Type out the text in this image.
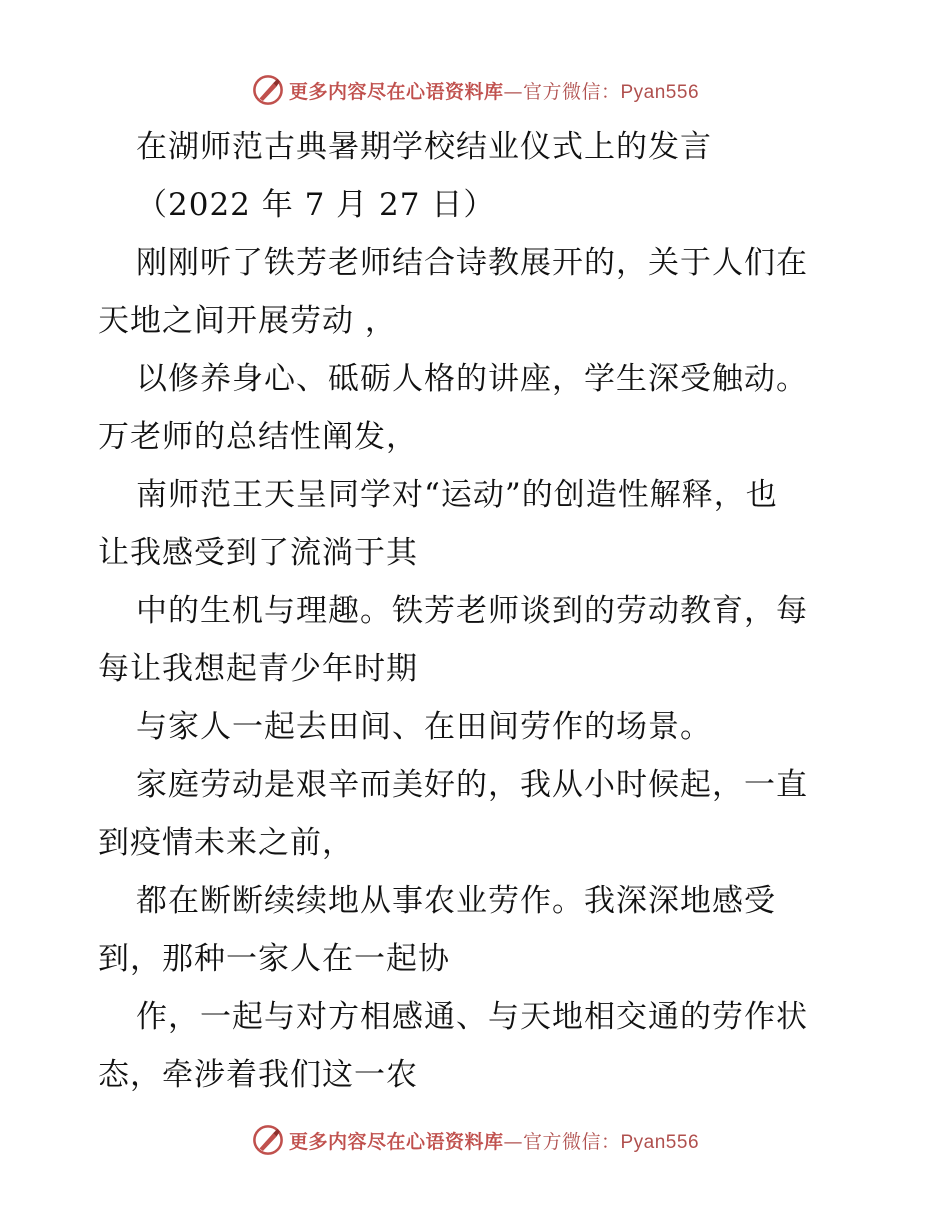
更多内容尽在心语资料库—官方微信：Pyan556
在湖师范古典暑期学校结业仪式上的发言
（2022 年 7 月 27 日）
刚刚听了铁芳老师结合诗教展开的，关于人们在
天地之间开展劳动 ，
以修养身心、砥砺人格的讲座，学生深受触动。
万老师的总结性阐发，
南师范王天呈同学对“运动”的创造性解释，也
让我感受到了流淌于其
中的生机与理趣。铁芳老师谈到的劳动教育，每
每让我想起青少年时期
与家人一起去田间、在田间劳作的场景。
家庭劳动是艰辛而美好的，我从小时候起，一直
到疫情未来之前，
都在断断续续地从事农业劳作。我深深地感受
到，那种一家人在一起协
作，一起与对方相感通、与天地相交通的劳作状
态，牵涉着我们这一农
更多内容尽在心语资料库—官方微信：Pyan556
